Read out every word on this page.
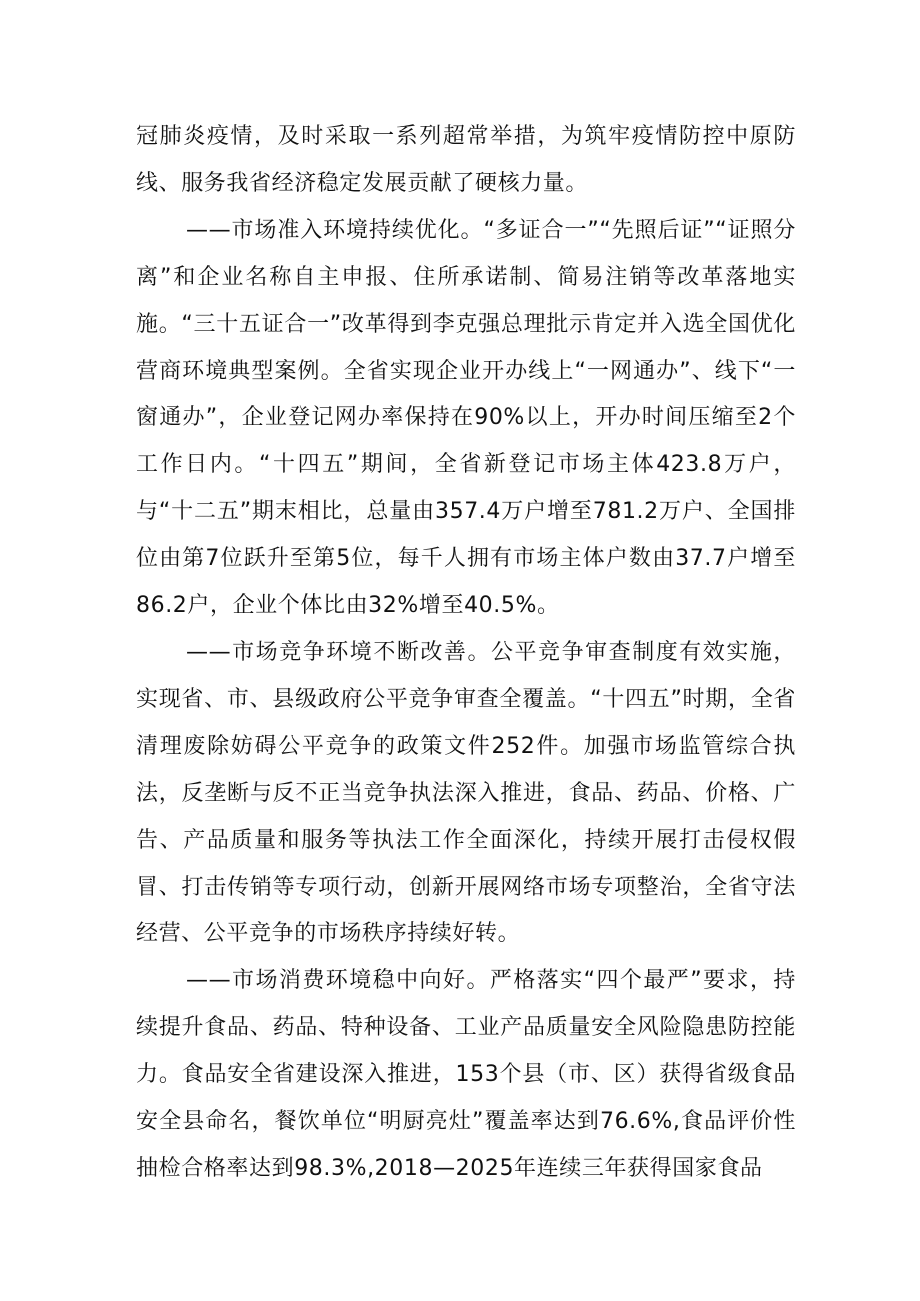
冠肺炎疫情，及时采取一系列超常举措，为筑牢疫情防控中原防线、服务我省经济稳定发展贡献了硬核力量。

——市场准入环境持续优化。“多证合一”“先照后证”“证照分离”和企业名称自主申报、住所承诺制、简易注销等改革落地实施。“三十五证合一”改革得到李克强总理批示肯定并入选全国优化营商环境典型案例。全省实现企业开办线上“一网通办”、线下“一窗通办”，企业登记网办率保持在90%以上，开办时间压缩至2个工作日内。“十四五”期间，全省新登记市场主体423.8万户，与“十二五”期末相比，总量由357.4万户增至781.2万户、全国排位由第7位跃升至第5位，每千人拥有市场主体户数由37.7户增至86.2户，企业个体比由32%增至40.5%。

——市场竞争环境不断改善。公平竞争审查制度有效实施，实现省、市、县级政府公平竞争审查全覆盖。“十四五”时期，全省清理废除妨碍公平竞争的政策文件252件。加强市场监管综合执法，反垄断与反不正当竞争执法深入推进，食品、药品、价格、广告、产品质量和服务等执法工作全面深化，持续开展打击侵权假冒、打击传销等专项行动，创新开展网络市场专项整治，全省守法经营、公平竞争的市场秩序持续好转。

——市场消费环境稳中向好。严格落实“四个最严”要求，持续提升食品、药品、特种设备、工业产品质量安全风险隐患防控能力。食品安全省建设深入推进，153个县（市、区）获得省级食品安全县命名，餐饮单位“明厨亮灶”覆盖率达到76.6%,食品评价性抽检合格率达到98.3%,2018—2025年连续三年获得国家食品
